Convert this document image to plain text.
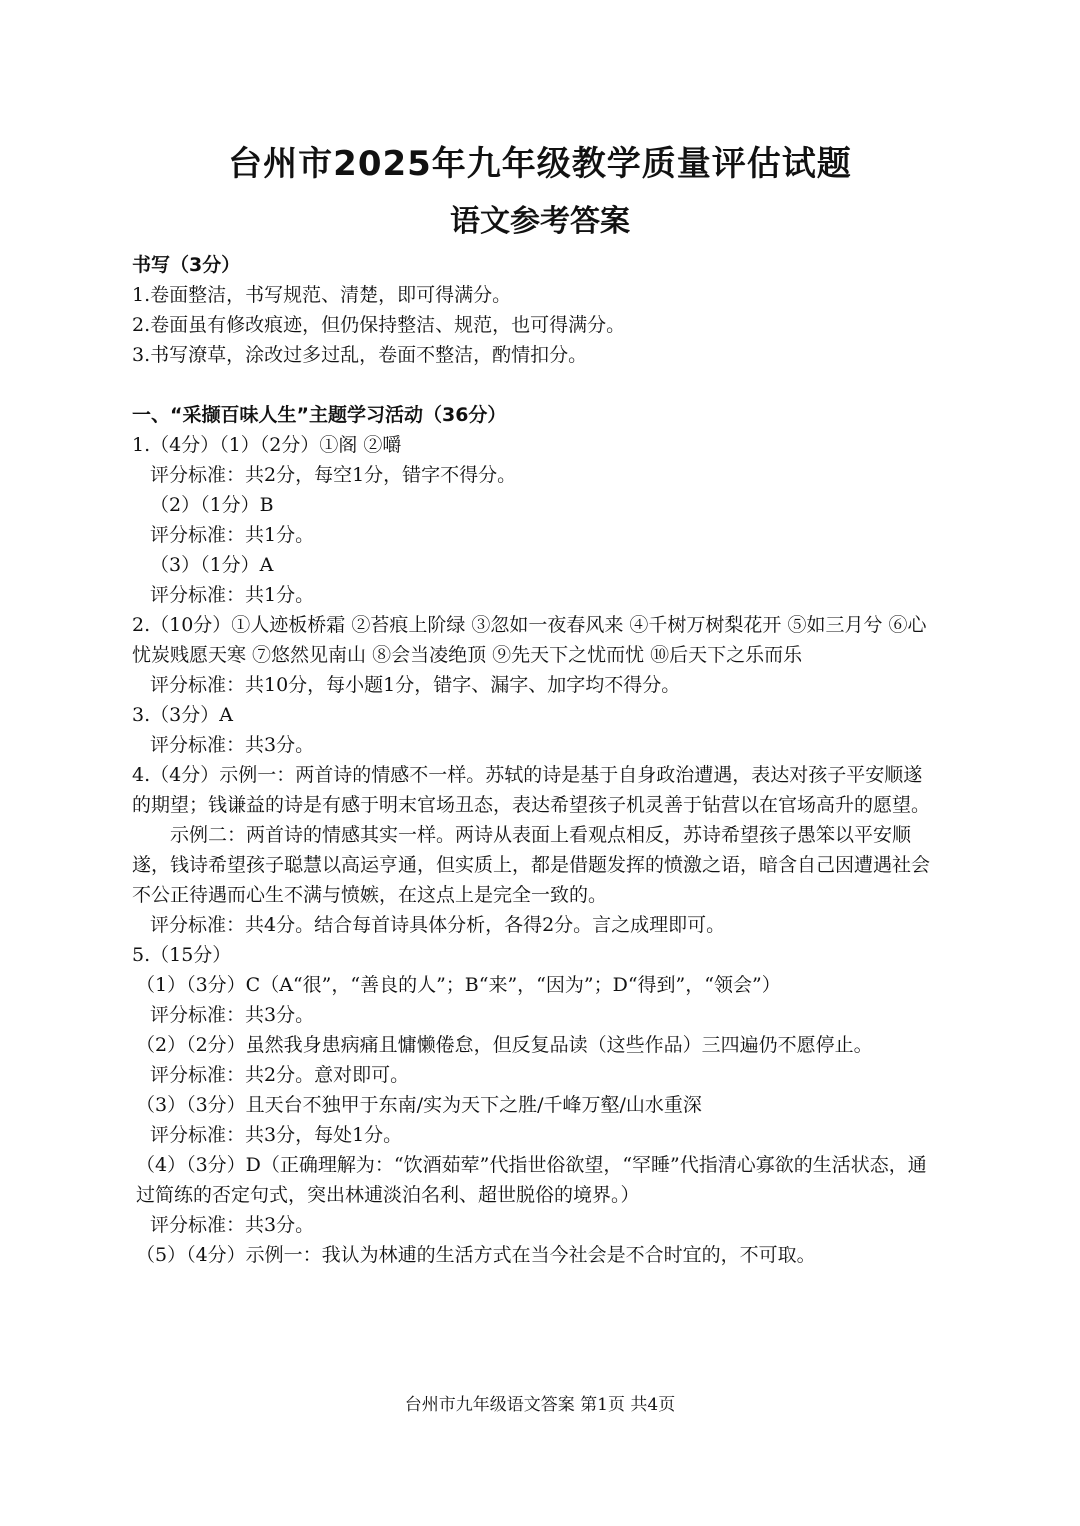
台州市2025年九年级教学质量评估试题
语文参考答案

书写（3分）

1.卷面整洁，书写规范、清楚，即可得满分。

2.卷面虽有修改痕迹，但仍保持整洁、规范，也可得满分。

3.书写潦草，涂改过多过乱，卷面不整洁，酌情扣分。

一、“采撷百味人生”主题学习活动（36分）

1.（4分）（1）（2分）①阁 ②嚼

评分标准：共2分，每空1分，错字不得分。

（2）（1分）B

评分标准：共1分。

（3）（1分）A

评分标准：共1分。

2.（10分）①人迹板桥霜 ②苔痕上阶绿 ③忽如一夜春风来 ④千树万树梨花开 ⑤如三月兮 ⑥心忧炭贱愿天寒 ⑦悠然见南山 ⑧会当凌绝顶 ⑨先天下之忧而忧 ⑩后天下之乐而乐

评分标准：共10分，每小题1分，错字、漏字、加字均不得分。

3.（3分）A

评分标准：共3分。

4.（4分）示例一：两首诗的情感不一样。苏轼的诗是基于自身政治遭遇，表达对孩子平安顺遂的期望；钱谦益的诗是有感于明末官场丑态，表达希望孩子机灵善于钻营以在官场高升的愿望。

示例二：两首诗的情感其实一样。两诗从表面上看观点相反，苏诗希望孩子愚笨以平安顺遂，钱诗希望孩子聪慧以高运亨通，但实质上，都是借题发挥的愤激之语，暗含自己因遭遇社会不公正待遇而心生不满与愤嫉，在这点上是完全一致的。

评分标准：共4分。结合每首诗具体分析，各得2分。言之成理即可。

5.（15分）

（1）（3分）C（A“很”，“善良的人”；B“来”，“因为”；D“得到”，“领会”）

评分标准：共3分。

（2）（2分）虽然我身患病痛且慵懒倦怠，但反复品读（这些作品）三四遍仍不愿停止。

评分标准：共2分。意对即可。

（3）（3分）且天台不独甲于东南/实为天下之胜/千峰万壑/山水重深

评分标准：共3分，每处1分。

（4）（3分）D（正确理解为：“饮酒茹荤”代指世俗欲望，“罕睡”代指清心寡欲的生活状态，通过简练的否定句式，突出林逋淡泊名利、超世脱俗的境界。）

评分标准：共3分。

（5）（4分）示例一：我认为林逋的生活方式在当今社会是不合时宜的，不可取。

台州市九年级语文答案 第1页 共4页
